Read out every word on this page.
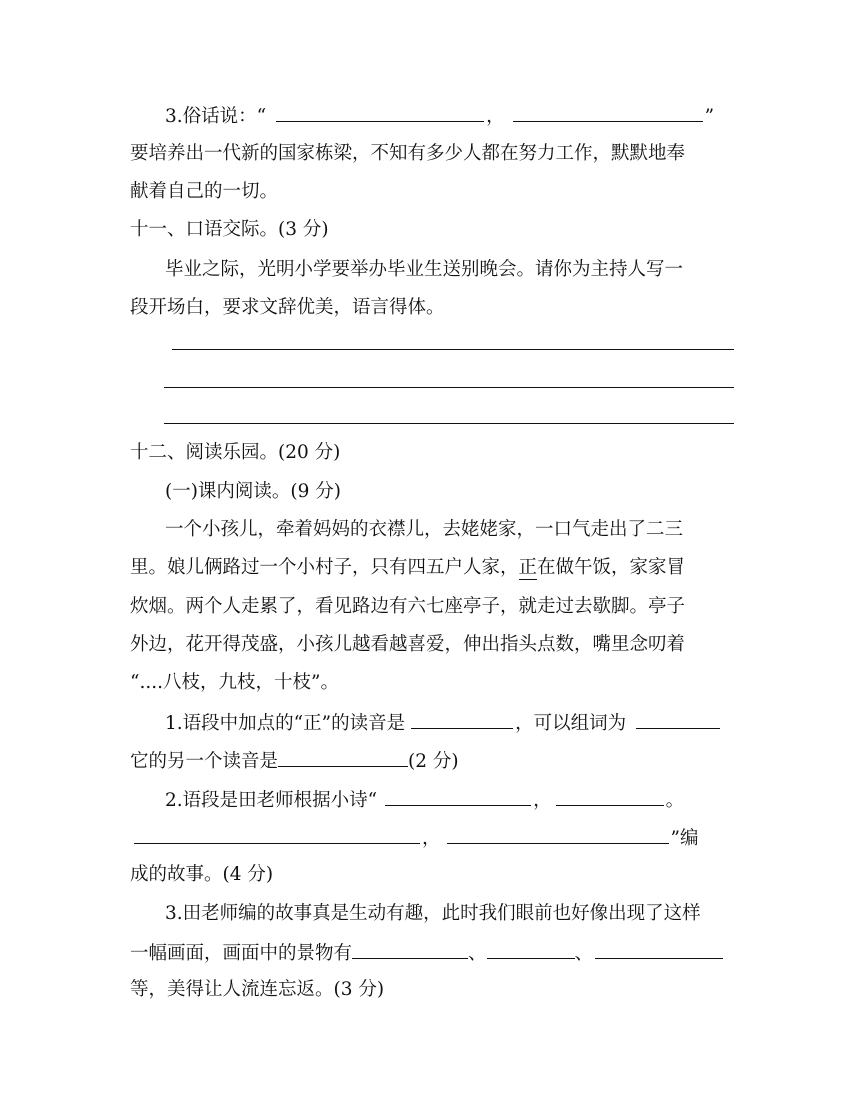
3.俗话说：“	，	”
要培养出一代新的国家栋梁，不知有多少人都在努力工作，默默地奉
献着自己的一切。
十一、口语交际。(3 分)
毕业之际，光明小学要举办毕业生送别晚会。请你为主持人写一
段开场白，要求文辞优美，语言得体。
十二、阅读乐园。(20 分)
(一)课内阅读。(9 分)
一个小孩儿，牵着妈妈的衣襟儿，去姥姥家，一口气走出了二三
里。娘儿俩路过一个小村子，只有四五户人家，正在做午饭，家家冒
炊烟。两个人走累了，看见路边有六七座亭子，就走过去歇脚。亭子
外边，花开得茂盛，小孩儿越看越喜爱，伸出指头点数，嘴里念叨着
“....八枝，九枝，十枝”。
1.语段中加点的“正”的读音是	，可以组词为
它的另一个读音是	(2 分)
2.语段是田老师根据小诗“	，	。
，	”编
成的故事。(4 分)
3.田老师编的故事真是生动有趣，此时我们眼前也好像出现了这样
一幅画面，画面中的景物有	、	、
等，美得让人流连忘返。(3 分)
